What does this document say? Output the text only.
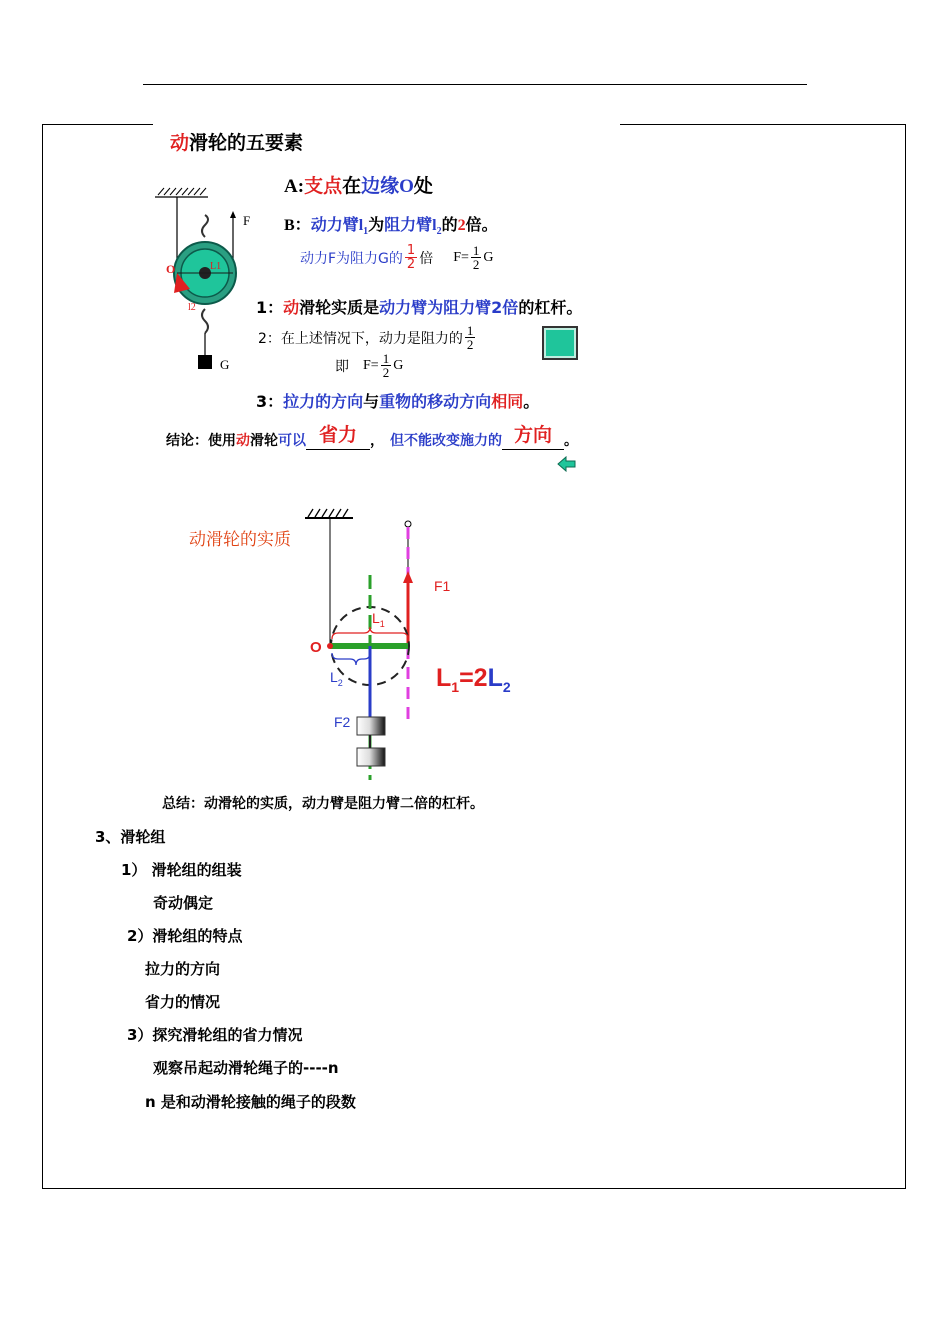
动滑轮的五要素
F
G
O	L1
l2
A:支点在边缘O处
B：动力臂$l_1$为阻力臂$l_2$的2倍。
动力F为阻力G的 $\frac{1}{2}$ 倍 $F= \frac{1}{2}$ G
1：动滑轮实质是动力臂为阻力臂2倍的杠杆。
2：在上述情况下，动力是阻力的 $\frac{1}{2}$
即 $F= \frac{1}{2}$ G
3：拉力的方向与重物的移动方向相同。
结论：使用 动 滑轮 可以 省力 ， 但不能改变施力的 方向 。
动滑轮的实质
F1
$L_1$
$L_2$
O
F2
$L_1=2L_2$
总结：动滑轮的实质，动力臂是阻力臂二倍的杠杆。
3、滑轮组
1） 滑轮组的组装
奇动偶定
2）滑轮组的特点
拉力的方向
省力的情况
3）探究滑轮组的省力情况
观察吊起动滑轮绳子的----n
n 是和动滑轮接触的绳子的段数
